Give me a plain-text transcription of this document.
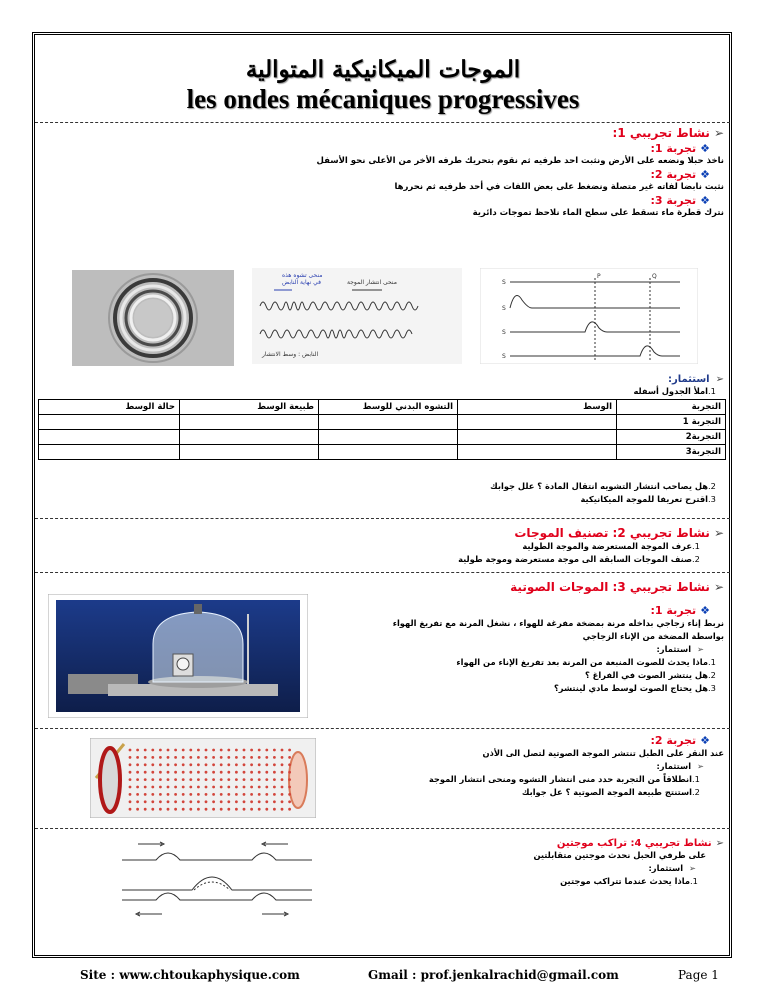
الموجات الميكانيكية المتوالية
les ondes mécaniques progressives
➢نشاط تجريبي 1:
❖تجربة 1:
ناخذ حبلا ونضعه على الأرض ونثبت احد طرفيه ثم نقوم بتحريك طرفه الأخر من الأعلى نحو الأسفل
❖تجربة 2:
نثبت نابضا لفاته غير متصلة ونضغط على بعض اللفات في أحد طرفيه ثم نحررها
❖تجربة 3:
نترك قطرة ماء تسقط على سطح الماء نلاحظ تموجات دائرية
منحى تشوه هذه
في نهاية النابض	منحى انتشار الموجة
النابض : وسط الانتشار
S
S
S
S
P	Q
➢استثمار:
1.املأ الجدول أسفله
التجربة	الوسط	التشوه البدني للوسط	طبيعة الوسط	حالة الوسط
التجربة 1				
التجربة2				
التجربة3				
2.هل يصاحب انتشار التشويه انتقال المادة ؟ علل جوابك
3.اقترح تعريفا للموجة الميكانيكية
➢نشاط تجريبي 2: تصنيف الموجات
1.عرف الموجة المستعرضة والموجة الطولية
2.صنف الموجات السابقة الى موجة مستعرضة وموجة طولية
➢نشاط تجريبي 3: الموجات الصوتية
❖تجربة 1:
نربط إناء زجاجي بداخله مرنة بمضخة مفرغة للهواء ، نشغل المرنة مع تفريغ الهواء
بواسطة المضخة من الإناء الزجاجي
➢استثمار:
1.ماذا يحدث للصوت المنبعة من المرنة بعد تفريغ الإناء من الهواء
2.هل ينتشر الصوت في الفراغ ؟
3.هل يحتاج الصوت لوسط مادي لينتشر؟
❖تجربة 2:
عند النقر على الطبل تنتشر الموجة الصوتية لتصل الى الأذن
➢استثمار:
1.انطلاقاً من التجربة حدد منى انتشار التشوه ومنحى انتشار الموجة
2.استنتج طبيعة الموجة الصوتية ؟ عل جوابك
➢نشاط تجريبي 4: تراكب موجتين
على طرفي الحبل نحدث موجتين متقابلتين
➢استثمار:
1.ماذا يحدث عندما تتراكب موجتين
Site : www.chtoukaphysique.com	Gmail : prof.jenkalrachid@gmail.com	Page 1
